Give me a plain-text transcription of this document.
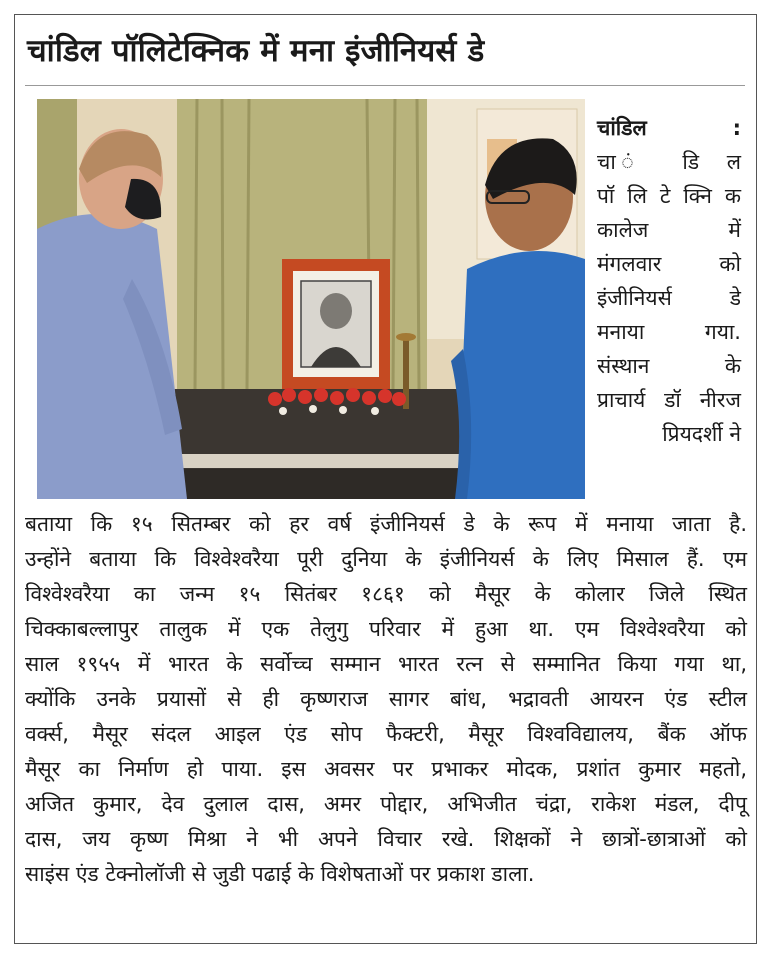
चांडिल पॉलिटेक्निक में मना इंजीनियर्स डे
चांडिल :
चा ं डि ल
पॉ लि टे क्नि क
कालेज में
मंगलवार को
इंजीनियर्स डे
मनाया गया.
संस्थान के
प्राचार्य डॉ नीरज
प्रियदर्शी ने
बताया कि १५ सितम्बर को हर वर्ष इंजीनियर्स डे के रूप में मनाया जाता है.
उन्होंने बताया कि विश्वेश्वरैया पूरी दुनिया के इंजीनियर्स के लिए मिसाल हैं. एम
विश्वेश्वरैया का जन्म १५ सितंबर १८६१ को मैसूर के कोलार जिले स्थित
चिक्काबल्लापुर तालुक में एक तेलुगु परिवार में हुआ था. एम विश्वेश्वरैया को
साल १९५५ में भारत के सर्वोच्च सम्मान भारत रत्न से सम्मानित किया गया था,
क्योंकि उनके प्रयासों से ही कृष्णराज सागर बांध, भद्रावती आयरन एंड स्टील
वर्क्स, मैसूर संदल आइल एंड सोप फैक्टरी, मैसूर विश्वविद्यालय, बैंक ऑफ
मैसूर का निर्माण हो पाया. इस अवसर पर प्रभाकर मोदक, प्रशांत कुमार महतो,
अजित कुमार, देव दुलाल दास, अमर पोद्दार, अभिजीत चंद्रा, राकेश मंडल, दीपू
दास, जय कृष्ण मिश्रा ने भी अपने विचार रखे. शिक्षकों ने छात्रों-छात्राओं को
साइंस एंड टेक्नोलॉजी से जुडी पढाई के विशेषताओं पर प्रकाश डाला.
